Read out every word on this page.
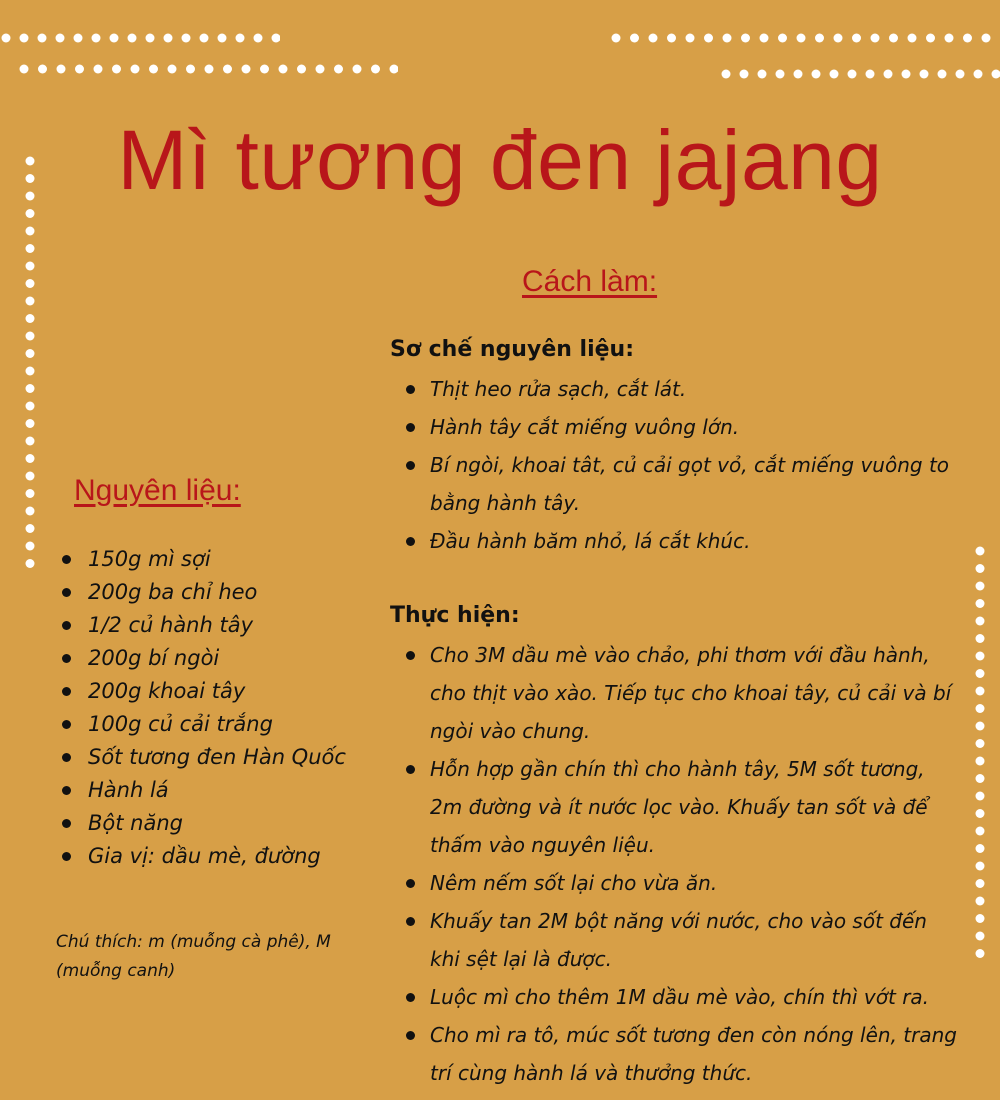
Mì tương đen jajang
Cách làm:
Sơ chế nguyên liệu:
Thịt heo rửa sạch, cắt lát.
Hành tây cắt miếng vuông lớn.
Bí ngòi, khoai tât, củ cải gọt vỏ, cắt miếng vuông to bằng hành tây.
Đầu hành băm nhỏ, lá cắt khúc.
Thực hiện:
Cho 3M dầu mè vào chảo, phi thơm với đầu hành, cho thịt vào xào. Tiếp tục cho khoai tây, củ cải và bí ngòi vào chung.
Hỗn hợp gần chín thì cho hành tây, 5M sốt tương, 2m đường và ít nước lọc vào. Khuấy tan sốt và để thấm vào nguyên liệu.
Nêm nếm sốt lại cho vừa ăn.
Khuấy tan 2M bột năng với nước, cho vào sốt đến khi sệt lại là được.
Luộc mì cho thêm 1M dầu mè vào, chín thì vớt ra.
Cho mì ra tô, múc sốt tương đen còn nóng lên, trang trí cùng hành lá và thưởng thức.
Nguyên liệu:
150g mì sợi
200g ba chỉ heo
1/2 củ hành tây
200g bí ngòi
200g khoai tây
100g củ cải trắng
Sốt tương đen Hàn Quốc
Hành lá
Bột năng
Gia vị: dầu mè, đường

Chú thích: m (muỗng cà phê), M (muỗng canh)
